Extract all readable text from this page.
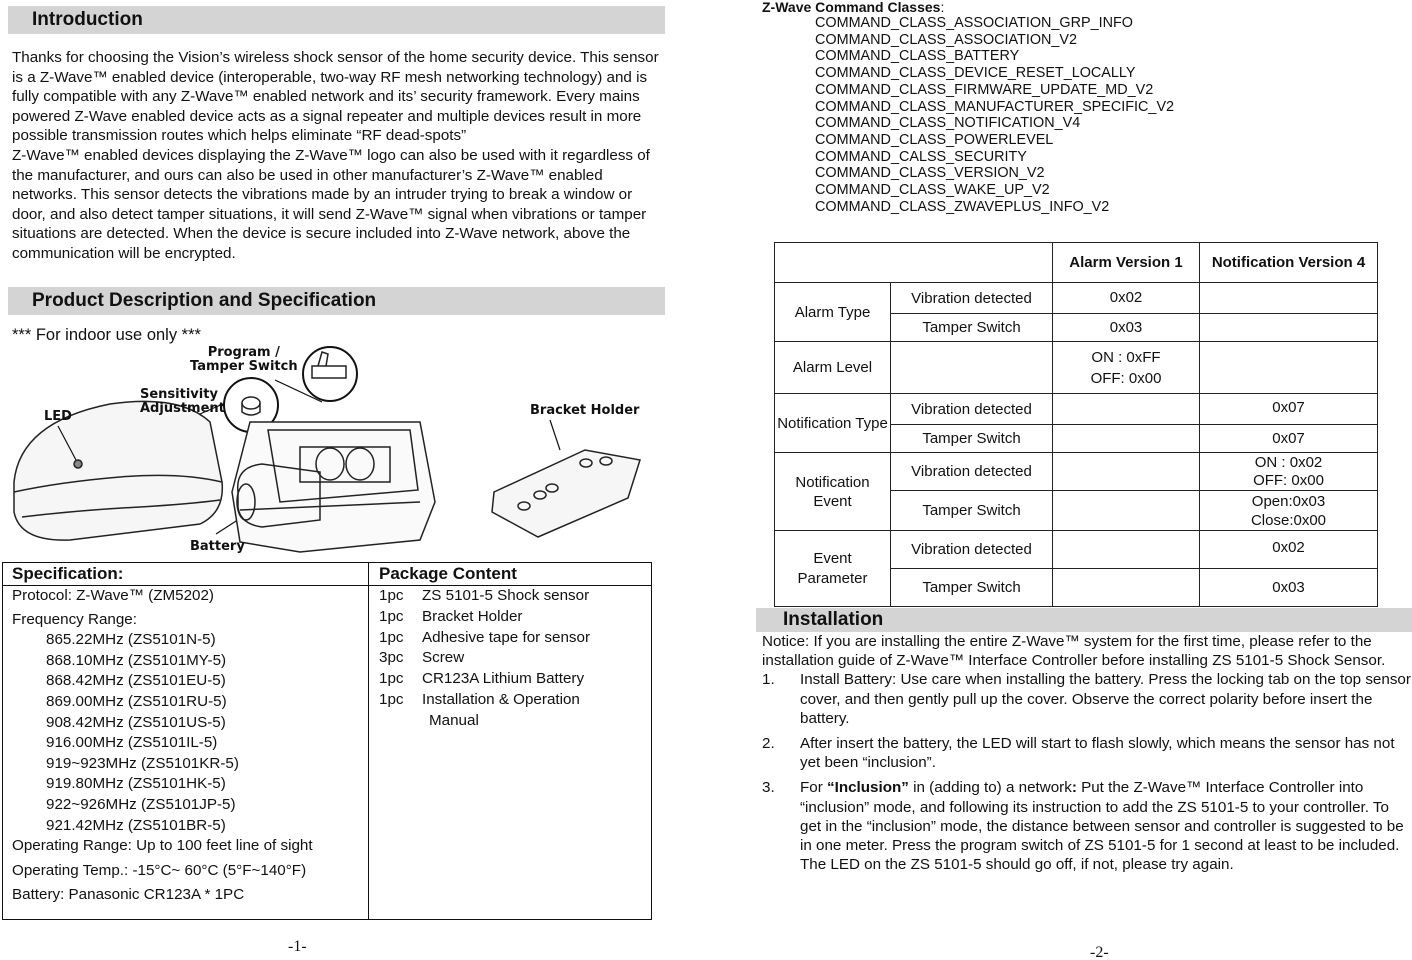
Introduction

Thanks for choosing the Vision’s wireless shock sensor of the home security device. This sensor is a Z-Wave™ enabled device (interoperable, two-way RF mesh networking technology) and is fully compatible with any Z-Wave™ enabled network and its’ security framework. Every mains powered Z-Wave enabled device acts as a signal repeater and multiple devices result in more possible transmission routes which helps eliminate “RF dead-spots”

Z-Wave™ enabled devices displaying the Z-Wave™ logo can also be used with it regardless of the manufacturer, and ours can also be used in other manufacturer’s Z-Wave™ enabled networks. This sensor detects the vibrations made by an intruder trying to break a window or door, and also detect tamper situations, it will send Z-Wave™ signal when vibrations or tamper situations are detected. When the device is secure included into Z-Wave network, above the communication will be encrypted.

Product Description and Specification
*** For indoor use only ***
LED
Sensitivity
Adjustment
Program /
Tamper Switch
Battery
Bracket Holder
Specification:
Protocol: Z-Wave™ (ZM5202)
Frequency Range:
865.22MHz (ZS5101N-5)
868.10MHz (ZS5101MY-5)
868.42MHz (ZS5101EU-5)
869.00MHz (ZS5101RU-5)
908.42MHz (ZS5101US-5)
916.00MHz (ZS5101IL-5)
919~923MHz (ZS5101KR-5)
919.80MHz (ZS5101HK-5)
922~926MHz (ZS5101JP-5)
921.42MHz (ZS5101BR-5)
Operating Range: Up to 100 feet line of sight
Operating Temp.: -15°C~ 60°C (5°F~140°F)
Battery: Panasonic CR123A * 1PC
Package Content
1pc	ZS 5101-5 Shock sensor
1pc	Bracket Holder
1pc	Adhesive tape for sensor
3pc	Screw
1pc	CR123A Lithium Battery
1pc	Installation & Operation
Manual
-1-
Z-Wave Command Classes:
COMMAND_CLASS_ASSOCIATION_GRP_INFO
COMMAND_CLASS_ASSOCIATION_V2
COMMAND_CLASS_BATTERY
COMMAND_CLASS_DEVICE_RESET_LOCALLY
COMMAND_CLASS_FIRMWARE_UPDATE_MD_V2
COMMAND_CLASS_MANUFACTURER_SPECIFIC_V2
COMMAND_CLASS_NOTIFICATION_V4
COMMAND_CLASS_POWERLEVEL
COMMAND_CALSS_SECURITY
COMMAND_CLASS_VERSION_V2
COMMAND_CLASS_WAKE_UP_V2
COMMAND_CLASS_ZWAVEPLUS_INFO_V2
		Alarm Version 1	Notification Version 4
Alarm Type	Vibration detected	0x02	
	Tamper Switch	0x03	
Alarm Level		ON : 0xFF
OFF: 0x00	

Notification Type	Vibration detected		0x07
	Tamper Switch		0x07
Notification Event	Vibration detected		ON : 0x02
OFF: 0x00

	Tamper Switch		Open:0x03
Close:0x00

Event Parameter	Vibration detected		0x02
	Tamper Switch		0x03
Installation
Notice: If you are installing the entire Z-Wave™ system for the first time, please refer to the installation guide of Z-Wave™ Interface Controller before installing ZS 5101-5 Shock Sensor.
1.	Install Battery: Use care when installing the battery. Press the locking tab on the top sensor cover, and then gently pull up the cover. Observe the correct polarity before insert the battery.
2.	After insert the battery, the LED will start to flash slowly, which means the sensor has not yet been “inclusion”.
3.	For “Inclusion” in (adding to) a network: Put the Z-Wave™ Interface Controller into “inclusion” mode, and following its instruction to add the ZS 5101-5 to your controller. To get in the “inclusion” mode, the distance between sensor and controller is suggested to be in one meter. Press the program switch of ZS 5101-5 for 1 second at least to be included. The LED on the ZS 5101-5 should go off, if not, please try again.
-2-
